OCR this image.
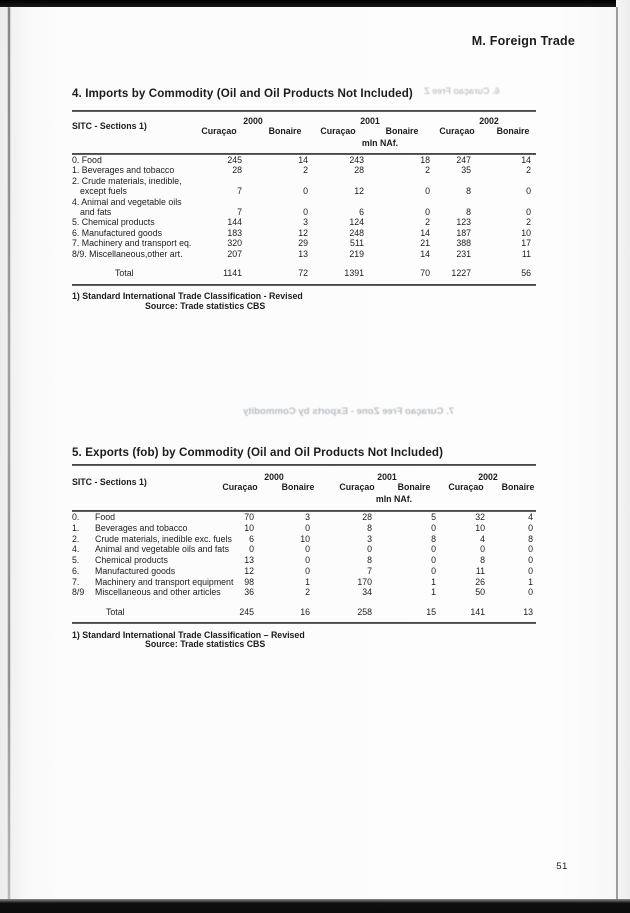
M. Foreign Trade
6. Curaçao Free Z
7. Curaçao Free Zone - Exports by Commodity
4. Imports by Commodity (Oil and Oil Products Not Included)
SITC - Sections 1)	2000	2001	2002
Curaçao	Bonaire Curaçao	Bonaire Curaçao	Bonaire
mln NAf.
0. Food	245	14	243	18	247	14
1. Beverages and tobacco	28	2	28	2	35	2
2. Crude materials, inedible,
except fuels	7	0	12	0	8	0
4. Animal and vegetable oils
and fats	7	0	6	0	8	0
5. Chemical products	144	3	124	2	123	2
6. Manufactured goods	183	12	248	14	187	10
7. Machinery and transport eq.	320	29	511	21	388	17
8/9. Miscellaneous,other art.	207	13	219	14	231	11
Total	1141	72	1391	70	1227	56
1) Standard International Trade Classification - Revised
Source: Trade statistics CBS
5. Exports (fob) by Commodity (Oil and Oil Products Not Included)
SITC - Sections 1)	2000	2001	2002
Curaçao	Bonaire	Curaçao	Bonaire Curaçao Bonaire
mln NAf.
0.	Food	70	3	28	5	32	4
1.	Beverages and tobacco	10	0	8	0	10	0
2.	Crude materials, inedible exc. fuels	6	10	3	8	4	8
4.	Animal and vegetable oils and fats	0	0	0	0	0	0
5.	Chemical products	13	0	8	0	8	0
6.	Manufactured goods	12	0	7	0	11	0
7.	Machinery and transport equipment	98	1	170	1	26	1
8/9	Miscellaneous and other articles	36	2	34	1	50	0
Total	245	16	258	15	141	13
1) Standard International Trade Classification – Revised
Source: Trade statistics CBS
51
